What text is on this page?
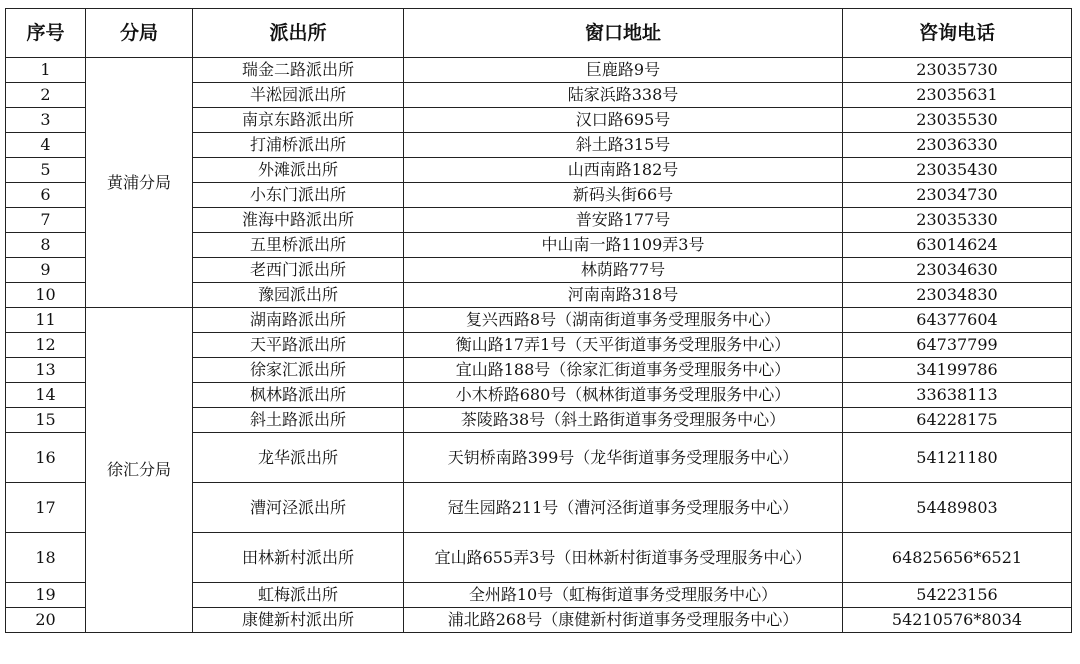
序号	分局	派出所	窗口地址	咨询电话
1	黄浦分局	瑞金二路派出所	巨鹿路9号	23035730
2		半淞园派出所	陆家浜路338号	23035631
3		南京东路派出所	汉口路695号	23035530
4		打浦桥派出所	斜土路315号	23036330
5		外滩派出所	山西南路182号	23035430
6		小东门派出所	新码头街66号	23034730
7		淮海中路派出所	普安路177号	23035330
8		五里桥派出所	中山南一路1109弄3号	63014624
9		老西门派出所	林荫路77号	23034630
10		豫园派出所	河南南路318号	23034830
11	徐汇分局	湖南路派出所	复兴西路8号（湖南街道事务受理服务中心）	64377604
12		天平路派出所	衡山路17弄1号（天平街道事务受理服务中心）	64737799
13		徐家汇派出所	宜山路188号（徐家汇街道事务受理服务中心）	34199786
14		枫林路派出所	小木桥路680号（枫林街道事务受理服务中心）	33638113
15		斜土路派出所	茶陵路38号（斜土路街道事务受理服务中心）	64228175
16		龙华派出所	天钥桥南路399号（龙华街道事务受理服务中心）	54121180
17		漕河泾派出所	冠生园路211号（漕河泾街道事务受理服务中心）	54489803
18		田林新村派出所	宜山路655弄3号（田林新村街道事务受理服务中心）	64825656*6521
19		虹梅派出所	全州路10号（虹梅街道事务受理服务中心）	54223156
20		康健新村派出所	浦北路268号（康健新村街道事务受理服务中心）	54210576*8034
